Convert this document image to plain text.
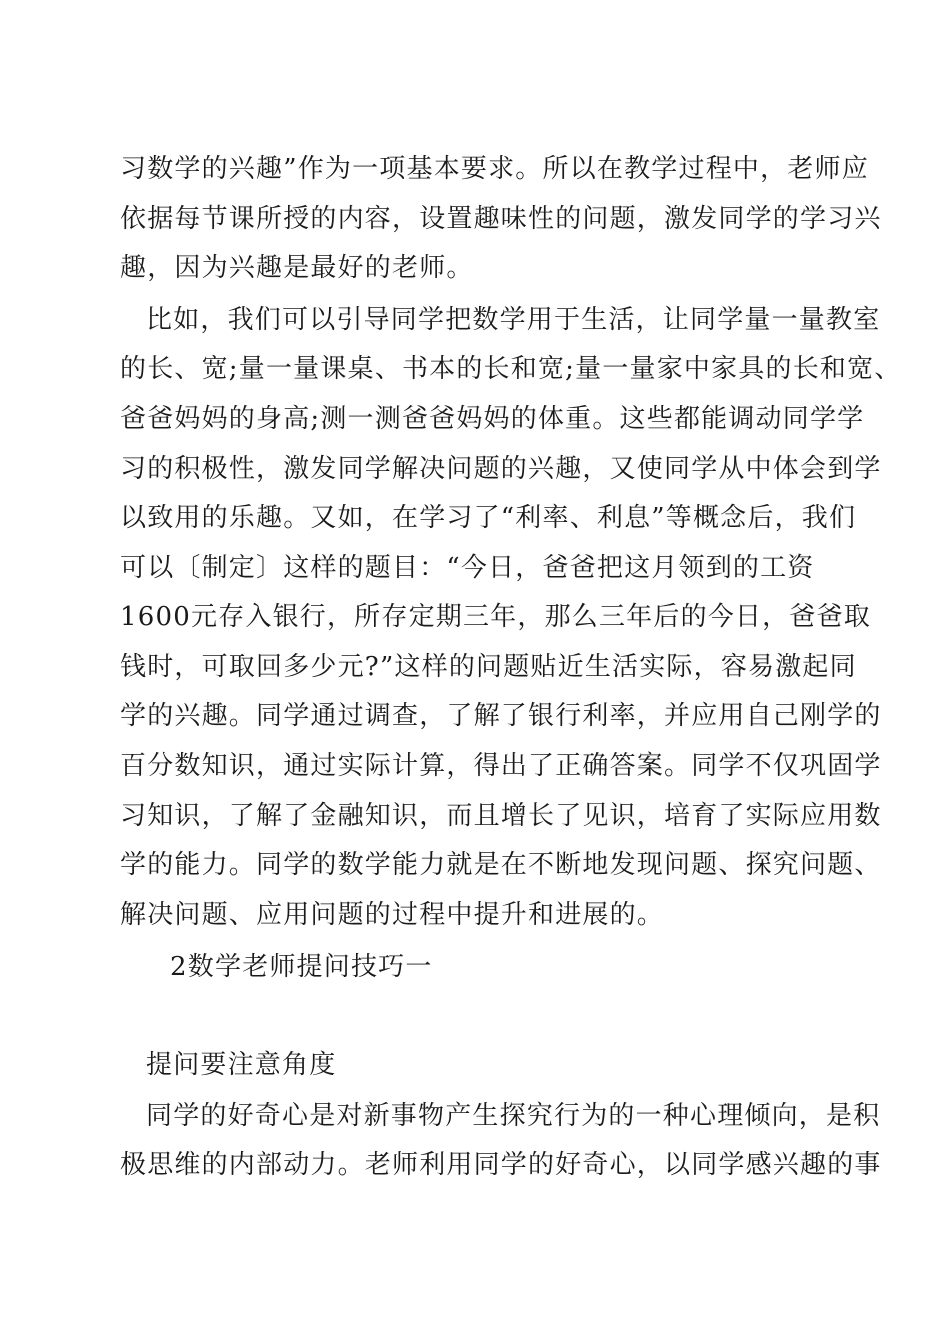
习数学的兴趣”作为一项基本要求。所以在教学过程中，老师应
依据每节课所授的内容，设置趣味性的问题，激发同学的学习兴
趣，因为兴趣是最好的老师。
比如，我们可以引导同学把数学用于生活，让同学量一量教室
的长、宽;量一量课桌、书本的长和宽;量一量家中家具的长和宽、
爸爸妈妈的身高;测一测爸爸妈妈的体重。这些都能调动同学学
习的积极性，激发同学解决问题的兴趣，又使同学从中体会到学
以致用的乐趣。又如，在学习了“利率、利息”等概念后，我们
可以〔制定〕这样的题目：“今日，爸爸把这月领到的工资
1600元存入银行，所存定期三年，那么三年后的今日，爸爸取
钱时，可取回多少元?”这样的问题贴近生活实际，容易激起同
学的兴趣。同学通过调查，了解了银行利率，并应用自己刚学的
百分数知识，通过实际计算，得出了正确答案。同学不仅巩固学
习知识，了解了金融知识，而且增长了见识，培育了实际应用数
学的能力。同学的数学能力就是在不断地发现问题、探究问题、
解决问题、应用问题的过程中提升和进展的。
2数学老师提问技巧一
提问要注意角度
同学的好奇心是对新事物产生探究行为的一种心理倾向，是积
极思维的内部动力。老师利用同学的好奇心，以同学感兴趣的事
